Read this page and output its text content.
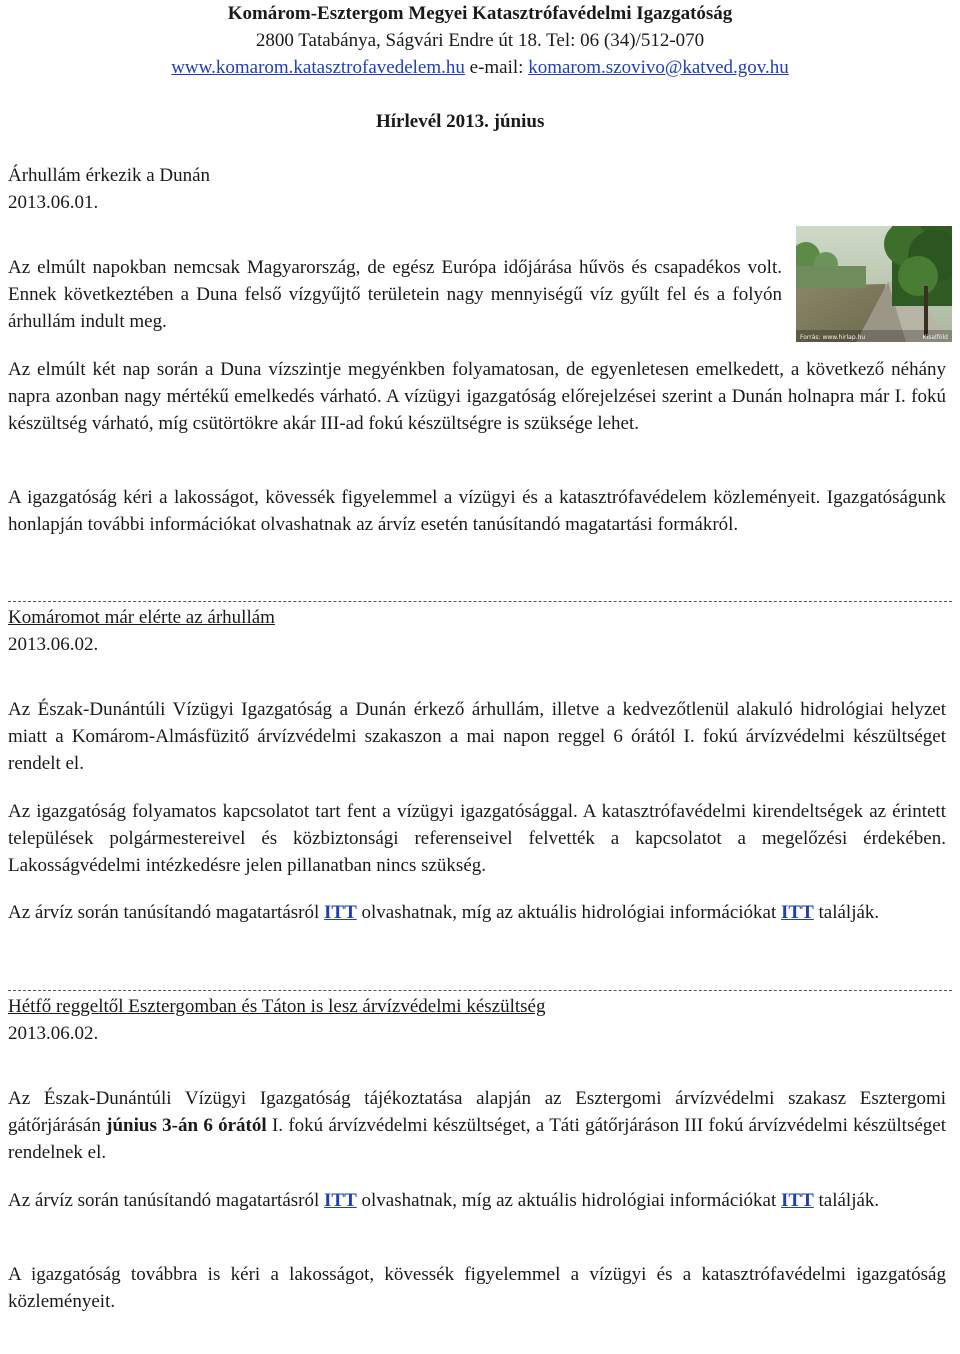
Komárom-Esztergom Megyei Katasztrófavédelmi Igazgatóság
2800 Tatabánya, Ságvári Endre út 18. Tel: 06 (34)/512-070
www.komarom.katasztrofavedelem.hu e-mail: komarom.szovivo@katved.gov.hu
Hírlevél 2013. június
Árhullám érkezik a Dunán
2013.06.01.

Az elmúlt napokban nemcsak Magyarország, de egész Európa időjárása hűvös és csapadékos volt. Ennek következtében a Duna felső vízgyűjtő területein nagy mennyiségű víz gyűlt fel és a folyón árhullám indult meg.

Forrás: www.hirlap.hu	Kisalföld

Az elmúlt két nap során a Duna vízszintje megyénkben folyamatosan, de egyenletesen emelkedett, a következő néhány napra azonban nagy mértékű emelkedés várható. A vízügyi igazgatóság előrejelzései szerint a Dunán holnapra már I. fokú készültség várható, míg csütörtökre akár III-ad fokú készültségre is szüksége lehet.

A igazgatóság kéri a lakosságot, kövessék figyelemmel a vízügyi és a katasztrófavédelem közleményeit. Igazgatóságunk honlapján további információkat olvashatnak az árvíz esetén tanúsítandó magatartási formákról.

Komáromot már elérte az árhullám
2013.06.02.

Az Észak-Dunántúli Vízügyi Igazgatóság a Dunán érkező árhullám, illetve a kedvezőtlenül alakuló hidrológiai helyzet miatt a Komárom-Almásfüzitő árvízvédelmi szakaszon a mai napon reggel 6 órától I. fokú árvízvédelmi készültséget rendelt el.

Az igazgatóság folyamatos kapcsolatot tart fent a vízügyi igazgatósággal. A katasztrófavédelmi kirendeltségek az érintett települések polgármestereivel és közbiztonsági referenseivel felvették a kapcsolatot a megelőzési érdekében. Lakosságvédelmi intézkedésre jelen pillanatban nincs szükség.

Az árvíz során tanúsítandó magatartásról ITT olvashatnak, míg az aktuális hidrológiai információkat ITT találják.

Hétfő reggeltől Esztergomban és Táton is lesz árvízvédelmi készültség
2013.06.02.

Az Észak-Dunántúli Vízügyi Igazgatóság tájékoztatása alapján az Esztergomi árvízvédelmi szakasz Esztergomi gátőrjárásán június 3-án 6 órától I. fokú árvízvédelmi készültséget, a Táti gátőrjáráson III fokú árvízvédelmi készültséget rendelnek el.

Az árvíz során tanúsítandó magatartásról ITT olvashatnak, míg az aktuális hidrológiai információkat ITT találják.

A igazgatóság továbbra is kéri a lakosságot, kövessék figyelemmel a vízügyi és a katasztrófavédelmi igazgatóság közleményeit.
